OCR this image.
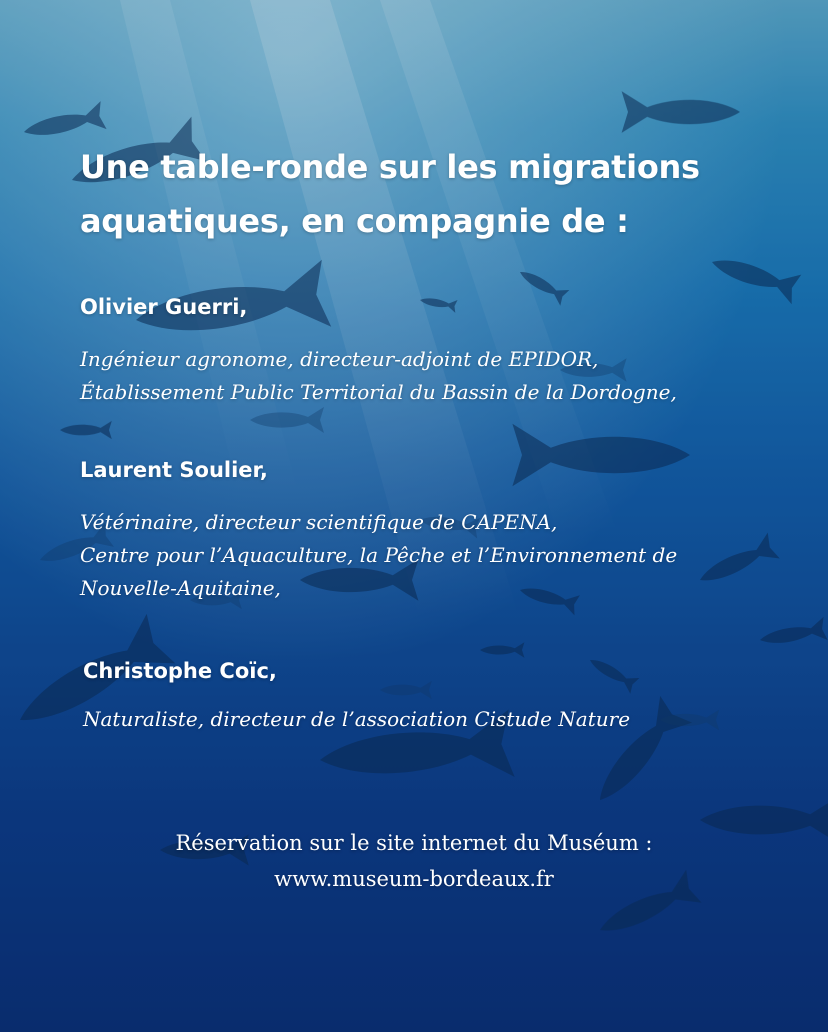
Une table-ronde sur les migrations
aquatiques, en compagnie de :
Olivier Guerri,
Ingénieur agronome, directeur-adjoint de EPIDOR,
Établissement Public Territorial du Bassin de la Dordogne,
Laurent Soulier,
Vétérinaire, directeur scientifique de CAPENA,
Centre pour l’Aquaculture, la Pêche et l’Environnement de
Nouvelle-Aquitaine,
Christophe Coïc,
Naturaliste, directeur de l’association Cistude Nature
Réservation sur le site internet du Muséum :
www.museum-bordeaux.fr
